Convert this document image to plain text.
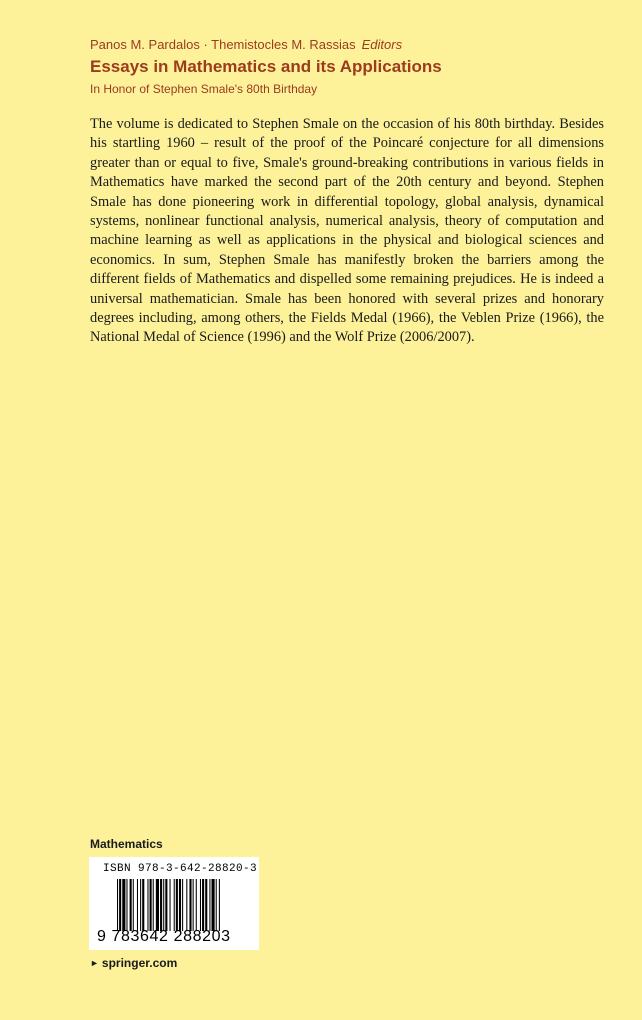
Panos M. Pardalos · Themistocles M. Rassias Editors
Essays in Mathematics and its Applications
In Honor of Stephen Smale's 80th Birthday
The volume is dedicated to Stephen Smale on the occasion of his 80th birthday. Besides his startling 1960 – result of the proof of the Poincaré conjecture for all dimensions greater than or equal to five, Smale's ground-breaking contributions in various fields in Mathematics have marked the second part of the 20th century and beyond. Stephen Smale has done pioneering work in differential topology, global analysis, dynamical systems, nonlinear functional analysis, numerical analysis, theory of computation and machine learning as well as applications in the physical and biological sciences and economics. In sum, Stephen Smale has manifestly broken the barriers among the different fields of Mathematics and dispelled some remaining prejudices. He is indeed a universal mathematician. Smale has been honored with several prizes and honorary degrees including, among others, the Fields Medal (1966), the Veblen Prize (1966), the National Medal of Science (1996) and the Wolf Prize (2006/2007).
Mathematics
ISBN 978-3-642-28820-3
9 783642 288203
► springer.com
